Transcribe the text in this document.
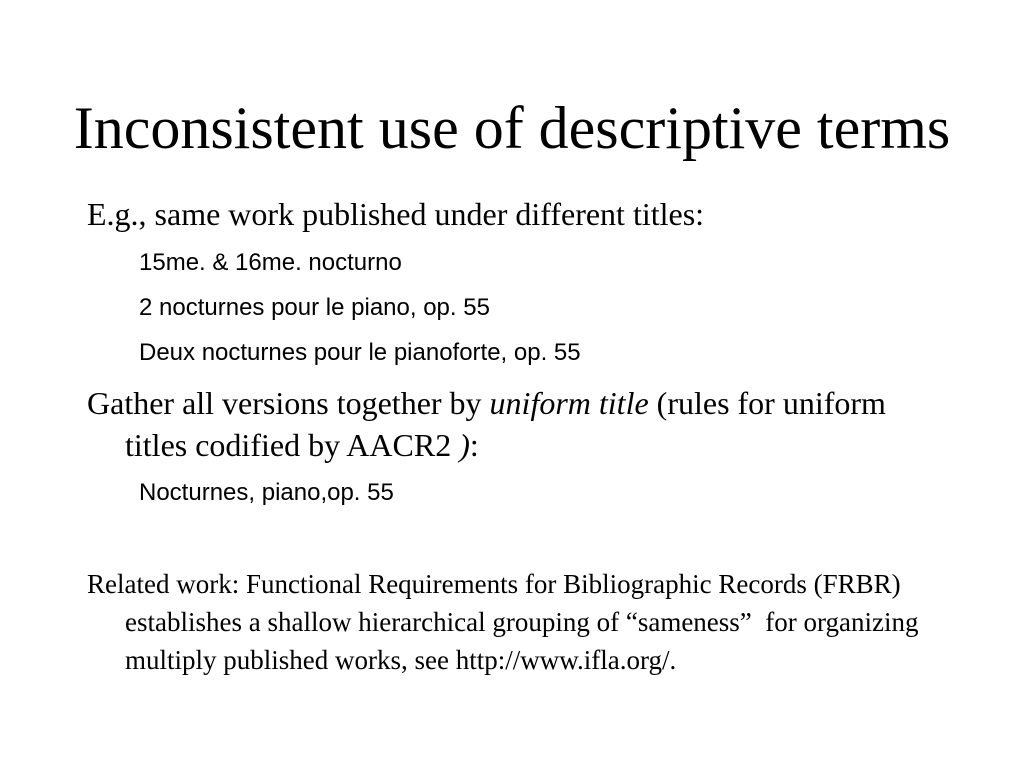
Inconsistent use of descriptive terms
E.g., same work published under different titles:
15me. & 16me. nocturno
2 nocturnes pour le piano, op. 55
Deux nocturnes pour le pianoforte, op. 55
Gather all versions together by uniform title (rules for uniform titles codified by AACR2 ):
Nocturnes, piano,op. 55
Related work: Functional Requirements for Bibliographic Records (FRBR) establishes a shallow hierarchical grouping of “sameness”  for organizing multiply published works, see http://www.ifla.org/.
